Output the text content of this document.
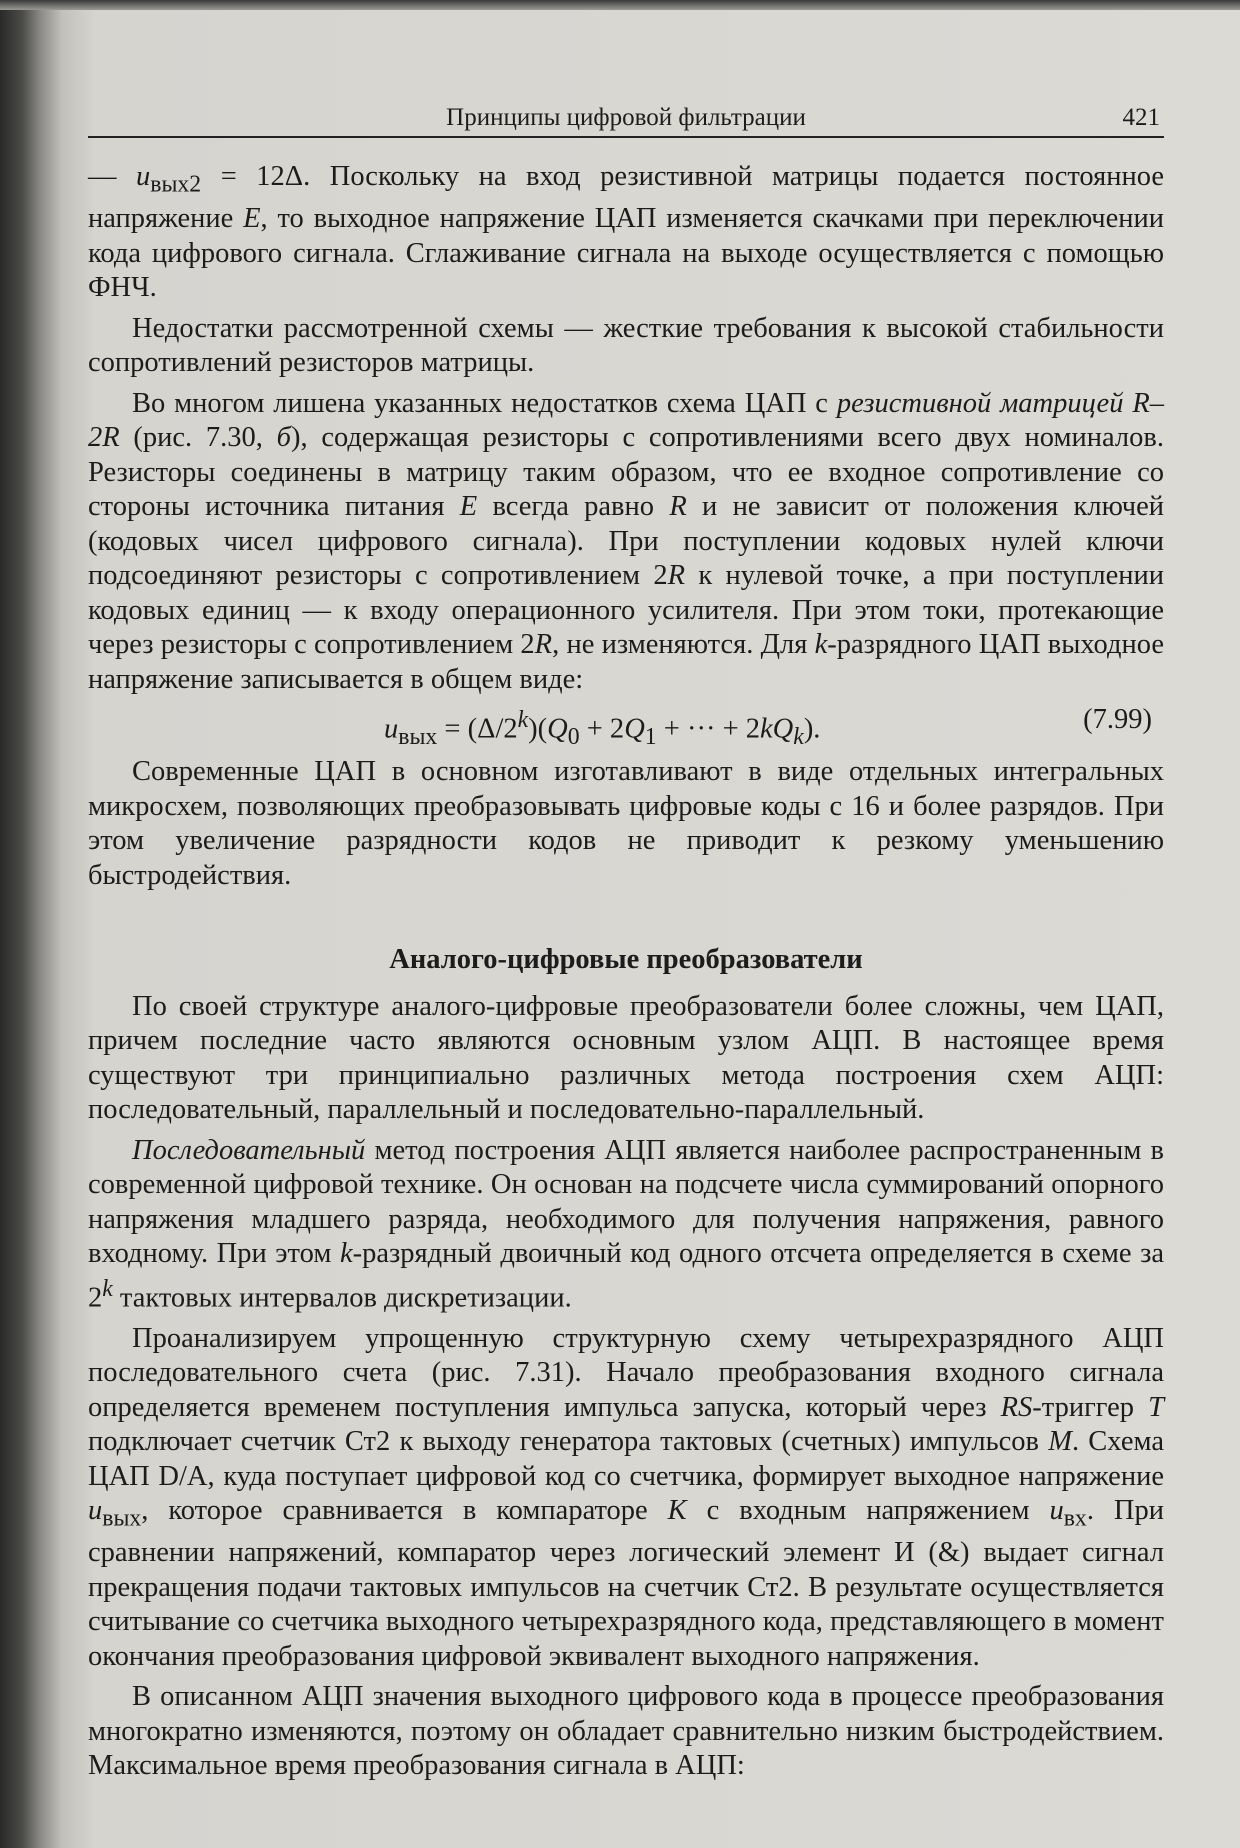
Принципы цифровой фильтрации	421

— $u_{вых2} = 12\Delta$. Поскольку на вход резистивной матрицы подается постоянное напряжение E, то выходное напряжение ЦАП изменяется скачками при переключении кода цифрового сигнала. Сглаживание сигнала на выходе осуществляется с помощью ФНЧ.

Недостатки рассмотренной схемы — жесткие требования к высокой стабильности сопротивлений резисторов матрицы.

Во многом лишена указанных недостатков схема ЦАП с резистивной матрицей R–2R (рис. 7.30, б), содержащая резисторы с сопротивлениями всего двух номиналов. Резисторы соединены в матрицу таким образом, что ее входное сопротивление со стороны источника питания E всегда равно R и не зависит от положения ключей (кодовых чисел цифрового сигнала). При поступлении кодовых нулей ключи подсоединяют резисторы с сопротивлением 2R к нулевой точке, а при поступлении кодовых единиц — к входу операционного усилителя. При этом токи, протекающие через резисторы с сопротивлением 2R, не изменяются. Для k-разрядного ЦАП выходное напряжение записывается в общем виде:

$u_{вых} = (\Delta/2^k)(Q_0 + 2Q_1$ + ··· + $2kQ_k$).	(7.99)

Современные ЦАП в основном изготавливают в виде отдельных интегральных микросхем, позволяющих преобразовывать цифровые коды с 16 и более разрядов. При этом увеличение разрядности кодов не приводит к резкому уменьшению быстродействия.

Аналого-цифровые преобразователи

По своей структуре аналого-цифровые преобразователи более сложны, чем ЦАП, причем последние часто являются основным узлом АЦП. В настоящее время существуют три принципиально различных метода построения схем АЦП: последовательный, параллельный и последовательно-параллельный.

Последовательный метод построения АЦП является наиболее распространенным в современной цифровой технике. Он основан на подсчете числа суммирований опорного напряжения младшего разряда, необходимого для получения напряжения, равного входному. При этом k-разрядный двоичный код одного отсчета определяется в схеме за 2$^k$ тактовых интервалов дискретизации.

Проанализируем упрощенную структурную схему четырехразрядного АЦП последовательного счета (рис. 7.31). Начало преобразования входного сигнала определяется временем поступления импульса запуска, который через RS-триггер T подключает счетчик Ст2 к выходу генератора тактовых (счетных) импульсов M. Схема ЦАП D/A, куда поступает цифровой код со счетчика, формирует выходное напряжение $u_{вых}$, которое сравнивается в компараторе K с входным напряжением $u_{вх}$. При сравнении напряжений, компаратор через логический элемент И (&) выдает сигнал прекращения подачи тактовых импульсов на счетчик Ст2. В результате осуществляется считывание со счетчика выходного четырехразрядного кода, представляющего в момент окончания преобразования цифровой эквивалент выходного напряжения.

В описанном АЦП значения выходного цифрового кода в процессе преобразования многократно изменяются, поэтому он обладает сравнительно низким быстродействием. Максимальное время преобразования сигнала в АЦП:
